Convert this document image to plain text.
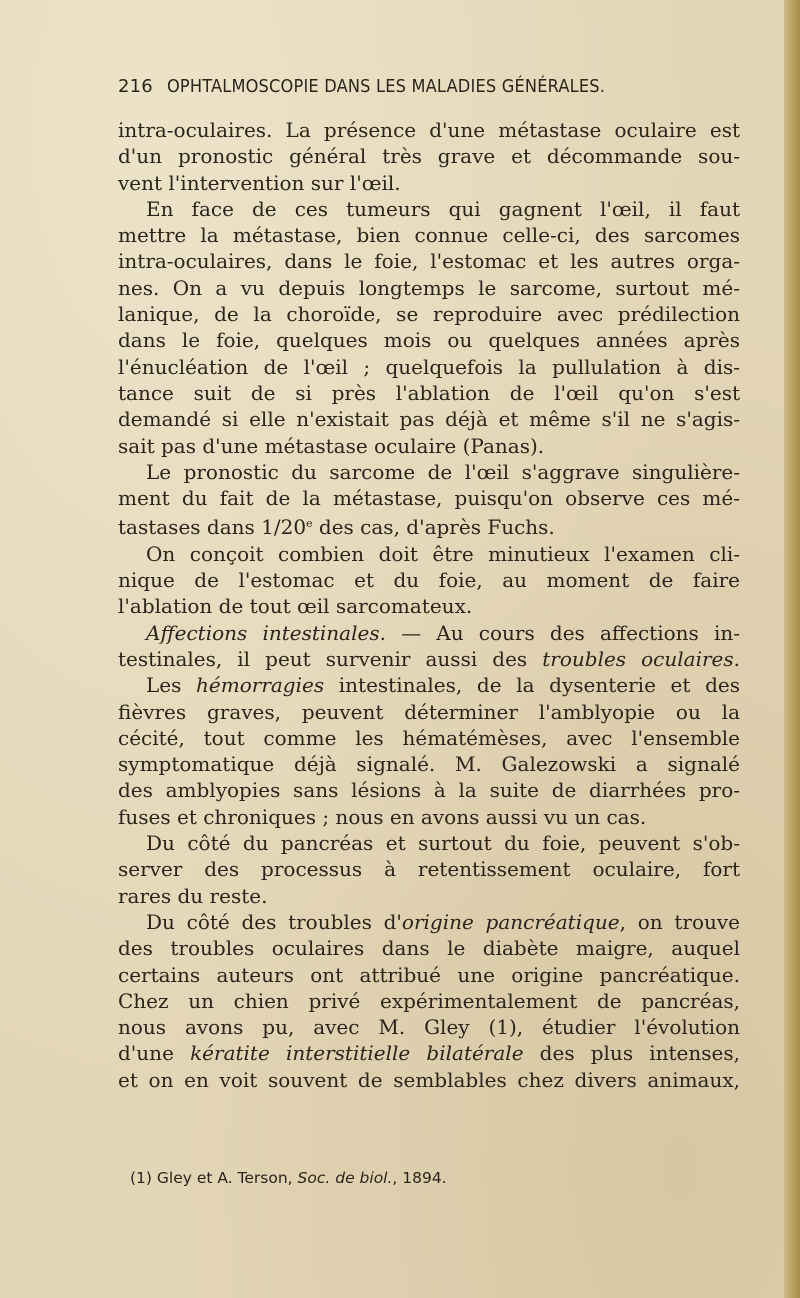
216 OPHTALMOSCOPIE DANS LES MALADIES GÉNÉRALES.

intra-oculaires. La présence d'une métastase oculaire est

d'un pronostic général très grave et décommande sou-

vent l'intervention sur l'œil.

En face de ces tumeurs qui gagnent l'œil, il faut

mettre la métastase, bien connue celle-ci, des sarcomes

intra-oculaires, dans le foie, l'estomac et les autres orga-

nes. On a vu depuis longtemps le sarcome, surtout mé-

lanique, de la choroïde, se reproduire avec prédilection

dans le foie, quelques mois ou quelques années après

l'énucléation de l'œil ; quelquefois la pullulation à dis-

tance suit de si près l'ablation de l'œil qu'on s'est

demandé si elle n'existait pas déjà et même s'il ne s'agis-

sait pas d'une métastase oculaire (Panas).

Le pronostic du sarcome de l'œil s'aggrave singulière-

ment du fait de la métastase, puisqu'on observe ces mé-

tastases dans 1/20e des cas, d'après Fuchs.

On conçoit combien doit être minutieux l'examen cli-

nique de l'estomac et du foie, au moment de faire

l'ablation de tout œil sarcomateux.

Affections intestinales. — Au cours des affections in-

testinales, il peut survenir aussi des troubles oculaires.

Les hémorragies intestinales, de la dysenterie et des

fièvres graves, peuvent déterminer l'amblyopie ou la

cécité, tout comme les hématémèses, avec l'ensemble

symptomatique déjà signalé. M. Galezowski a signalé

des amblyopies sans lésions à la suite de diarrhées pro-

fuses et chroniques ; nous en avons aussi vu un cas.

Du côté du pancréas et surtout du foie, peuvent s'ob-

server des processus à retentissement oculaire, fort

rares du reste.

Du côté des troubles d'origine pancréatique, on trouve

des troubles oculaires dans le diabète maigre, auquel

certains auteurs ont attribué une origine pancréatique.

Chez un chien privé expérimentalement de pancréas,

nous avons pu, avec M. Gley (1), étudier l'évolution

d'une kératite interstitielle bilatérale des plus intenses,

et on en voit souvent de semblables chez divers animaux,

(1) Gley et A. Terson, Soc. de biol., 1894.
